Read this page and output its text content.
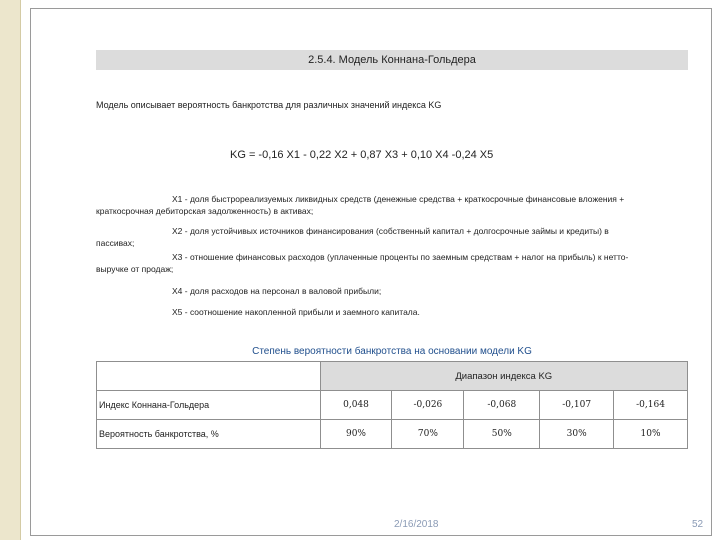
2.5.4. Модель Коннана-Гольдера
Модель описывает вероятность банкротства для различных значений индекса KG
KG = -0,16 X1 - 0,22 X2 + 0,87 X3 + 0,10 X4 -0,24 X5
X1 - доля быстрореализуемых ликвидных средств (денежные средства + краткосрочные финансовые вложения +
краткосрочная дебиторская задолженность) в активах;
X2 - доля устойчивых источников финансирования (собственный капитал + долгосрочные займы и кредиты) в
пассивах;
X3 - отношение финансовых расходов (уплаченные проценты по заемным средствам + налог на прибыль) к нетто-
выручке от продаж;
X4 - доля расходов на персонал в валовой прибыли;
X5 - соотношение накопленной прибыли и заемного капитала.
Степень вероятности банкротства на основании модели KG
	Диапазон индекса KG				
Индекс Коннана-Гольдера	0,048	-0,026	-0,068	-0,107	-0,164
Вероятность банкротства, %	90%	70%	50%	30%	10%
2/16/2018	52
